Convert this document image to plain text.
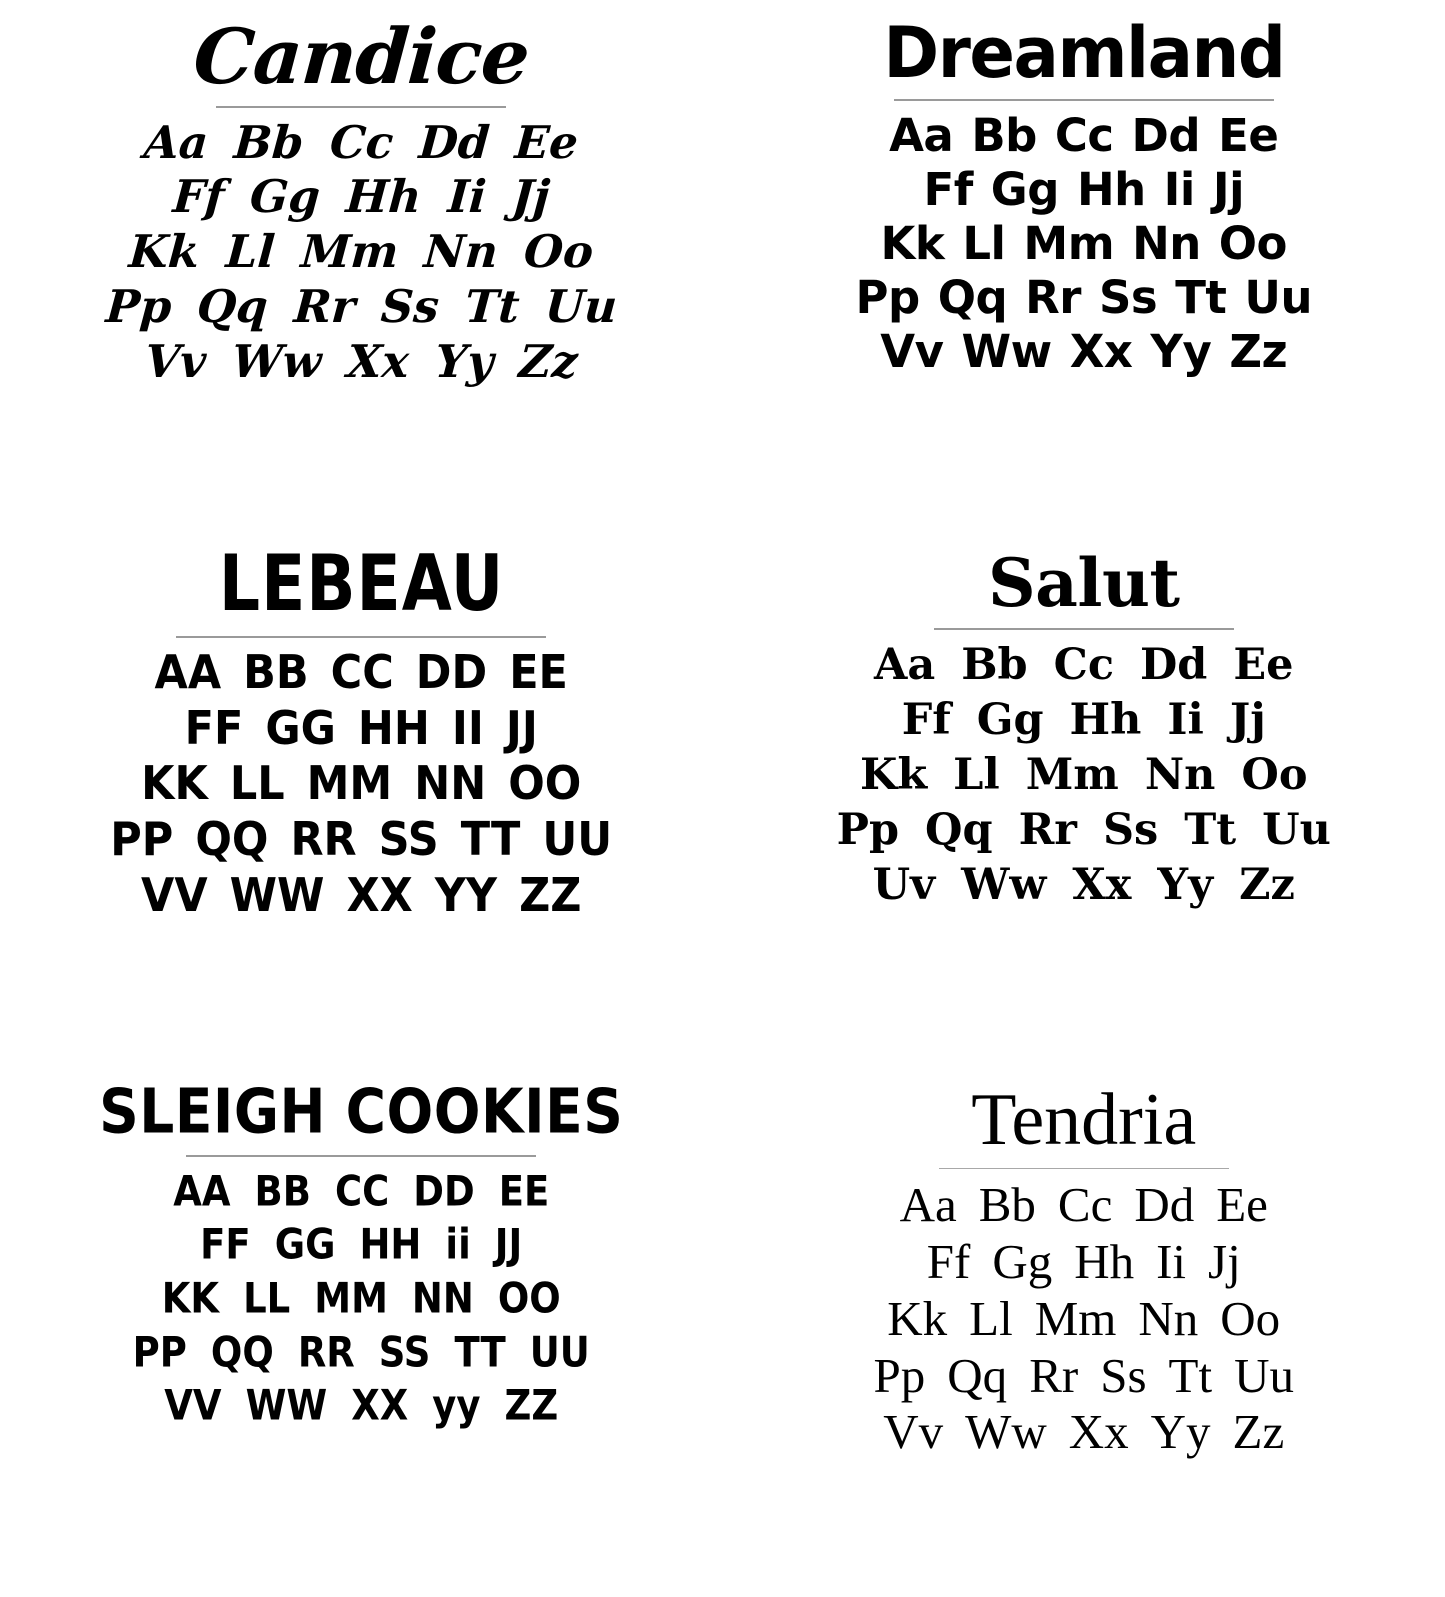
Candice
Aa Bb Cc Dd Ee
Ff Gg Hh Ii Jj
Kk Ll Mm Nn Oo
Pp Qq Rr Ss Tt Uu
Vv Ww Xx Yy Zz
Dreamland
Aa Bb Cc Dd Ee
Ff Gg Hh Ii Jj
Kk Ll Mm Nn Oo
Pp Qq Rr Ss Tt Uu
Vv Ww Xx Yy Zz
LEBEAU
AA BB CC DD EE
FF GG HH II JJ
KK LL MM NN OO
PP QQ RR SS TT UU
VV WW XX YY ZZ
Salut
Aa Bb Cc Dd Ee
Ff Gg Hh Ii Jj
Kk Ll Mm Nn Oo
Pp Qq Rr Ss Tt Uu
Uv Ww Xx Yy Zz
SLEIGH COOKIES
AA BB CC DD EE
FF GG HH ii JJ
KK LL MM NN OO
PP QQ RR SS TT UU
VV WW XX yy ZZ
Tendria
Aa Bb Cc Dd Ee
Ff Gg Hh Ii Jj
Kk Ll Mm Nn Oo
Pp Qq Rr Ss Tt Uu
Vv Ww Xx Yy Zz
